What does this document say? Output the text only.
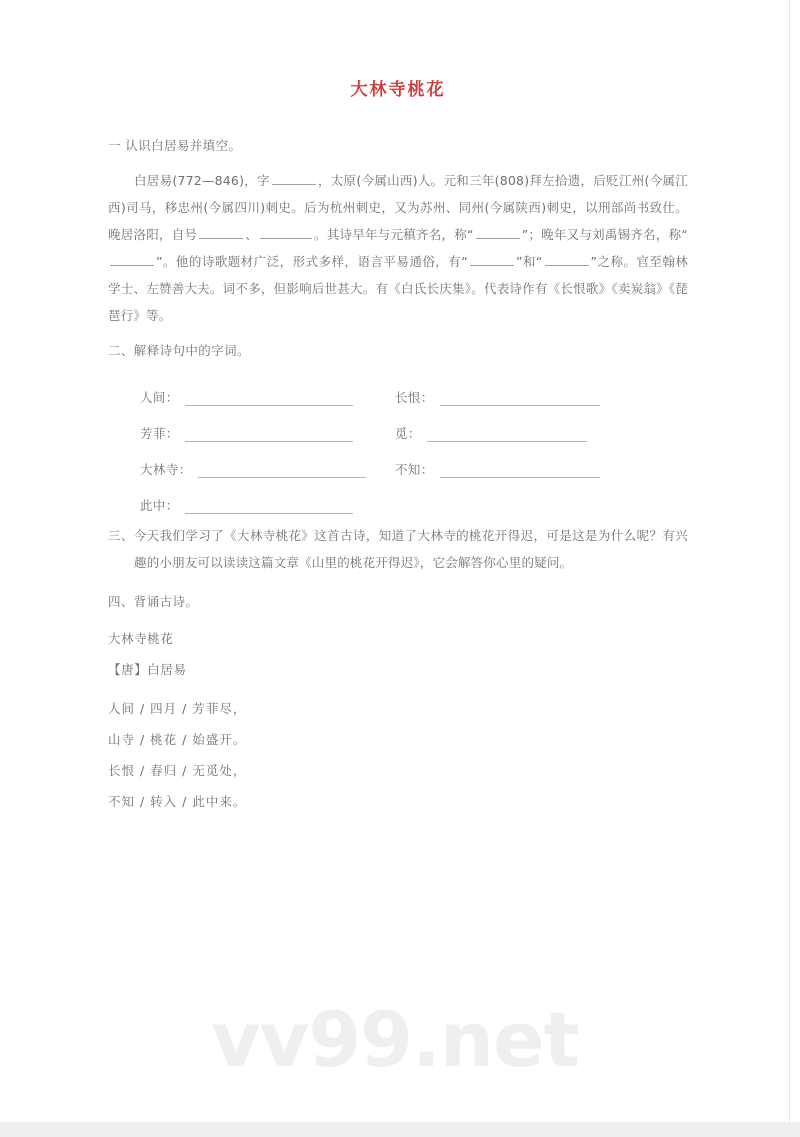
大林寺桃花

一 认识白居易并填空。

白居易(772—846)，字	，太原(今属山西)人。元和三年(808)拜左拾遗，后贬江州(今属江西)司马，移忠州(今属四川)刺史。后为杭州刺史，又为苏州、同州(今属陕西)刺史，以刑部尚书致仕。晚居洛阳，自号	、	。其诗早年与元稹齐名，称“	”；晚年又与刘禹锡齐名，称“”。他的诗歌题材广泛，形式多样，语言平易通俗，有“	”和“	”之称。官至翰林学士、左赞善大夫。词不多，但影响后世甚大。有《白氏长庆集》。代表诗作有《长恨歌》《卖炭翁》《琵琶行》等。

二、解释诗句中的字词。

人间：	长恨：
芳菲：	觅：
大林寺：	不知：
此中：

三、今天我们学习了《大林寺桃花》这首古诗，知道了大林寺的桃花开得迟，可是这是为什么呢？有兴趣的小朋友可以读读这篇文章《山里的桃花开得迟》，它会解答你心里的疑问。

四、背诵古诗。

大林寺桃花

【唐】白居易

人间 / 四月 / 芳菲尽，

山寺 / 桃花 / 始盛开。

长恨 / 春归 / 无觅处，

不知 / 转入 / 此中来。

vv99.net
